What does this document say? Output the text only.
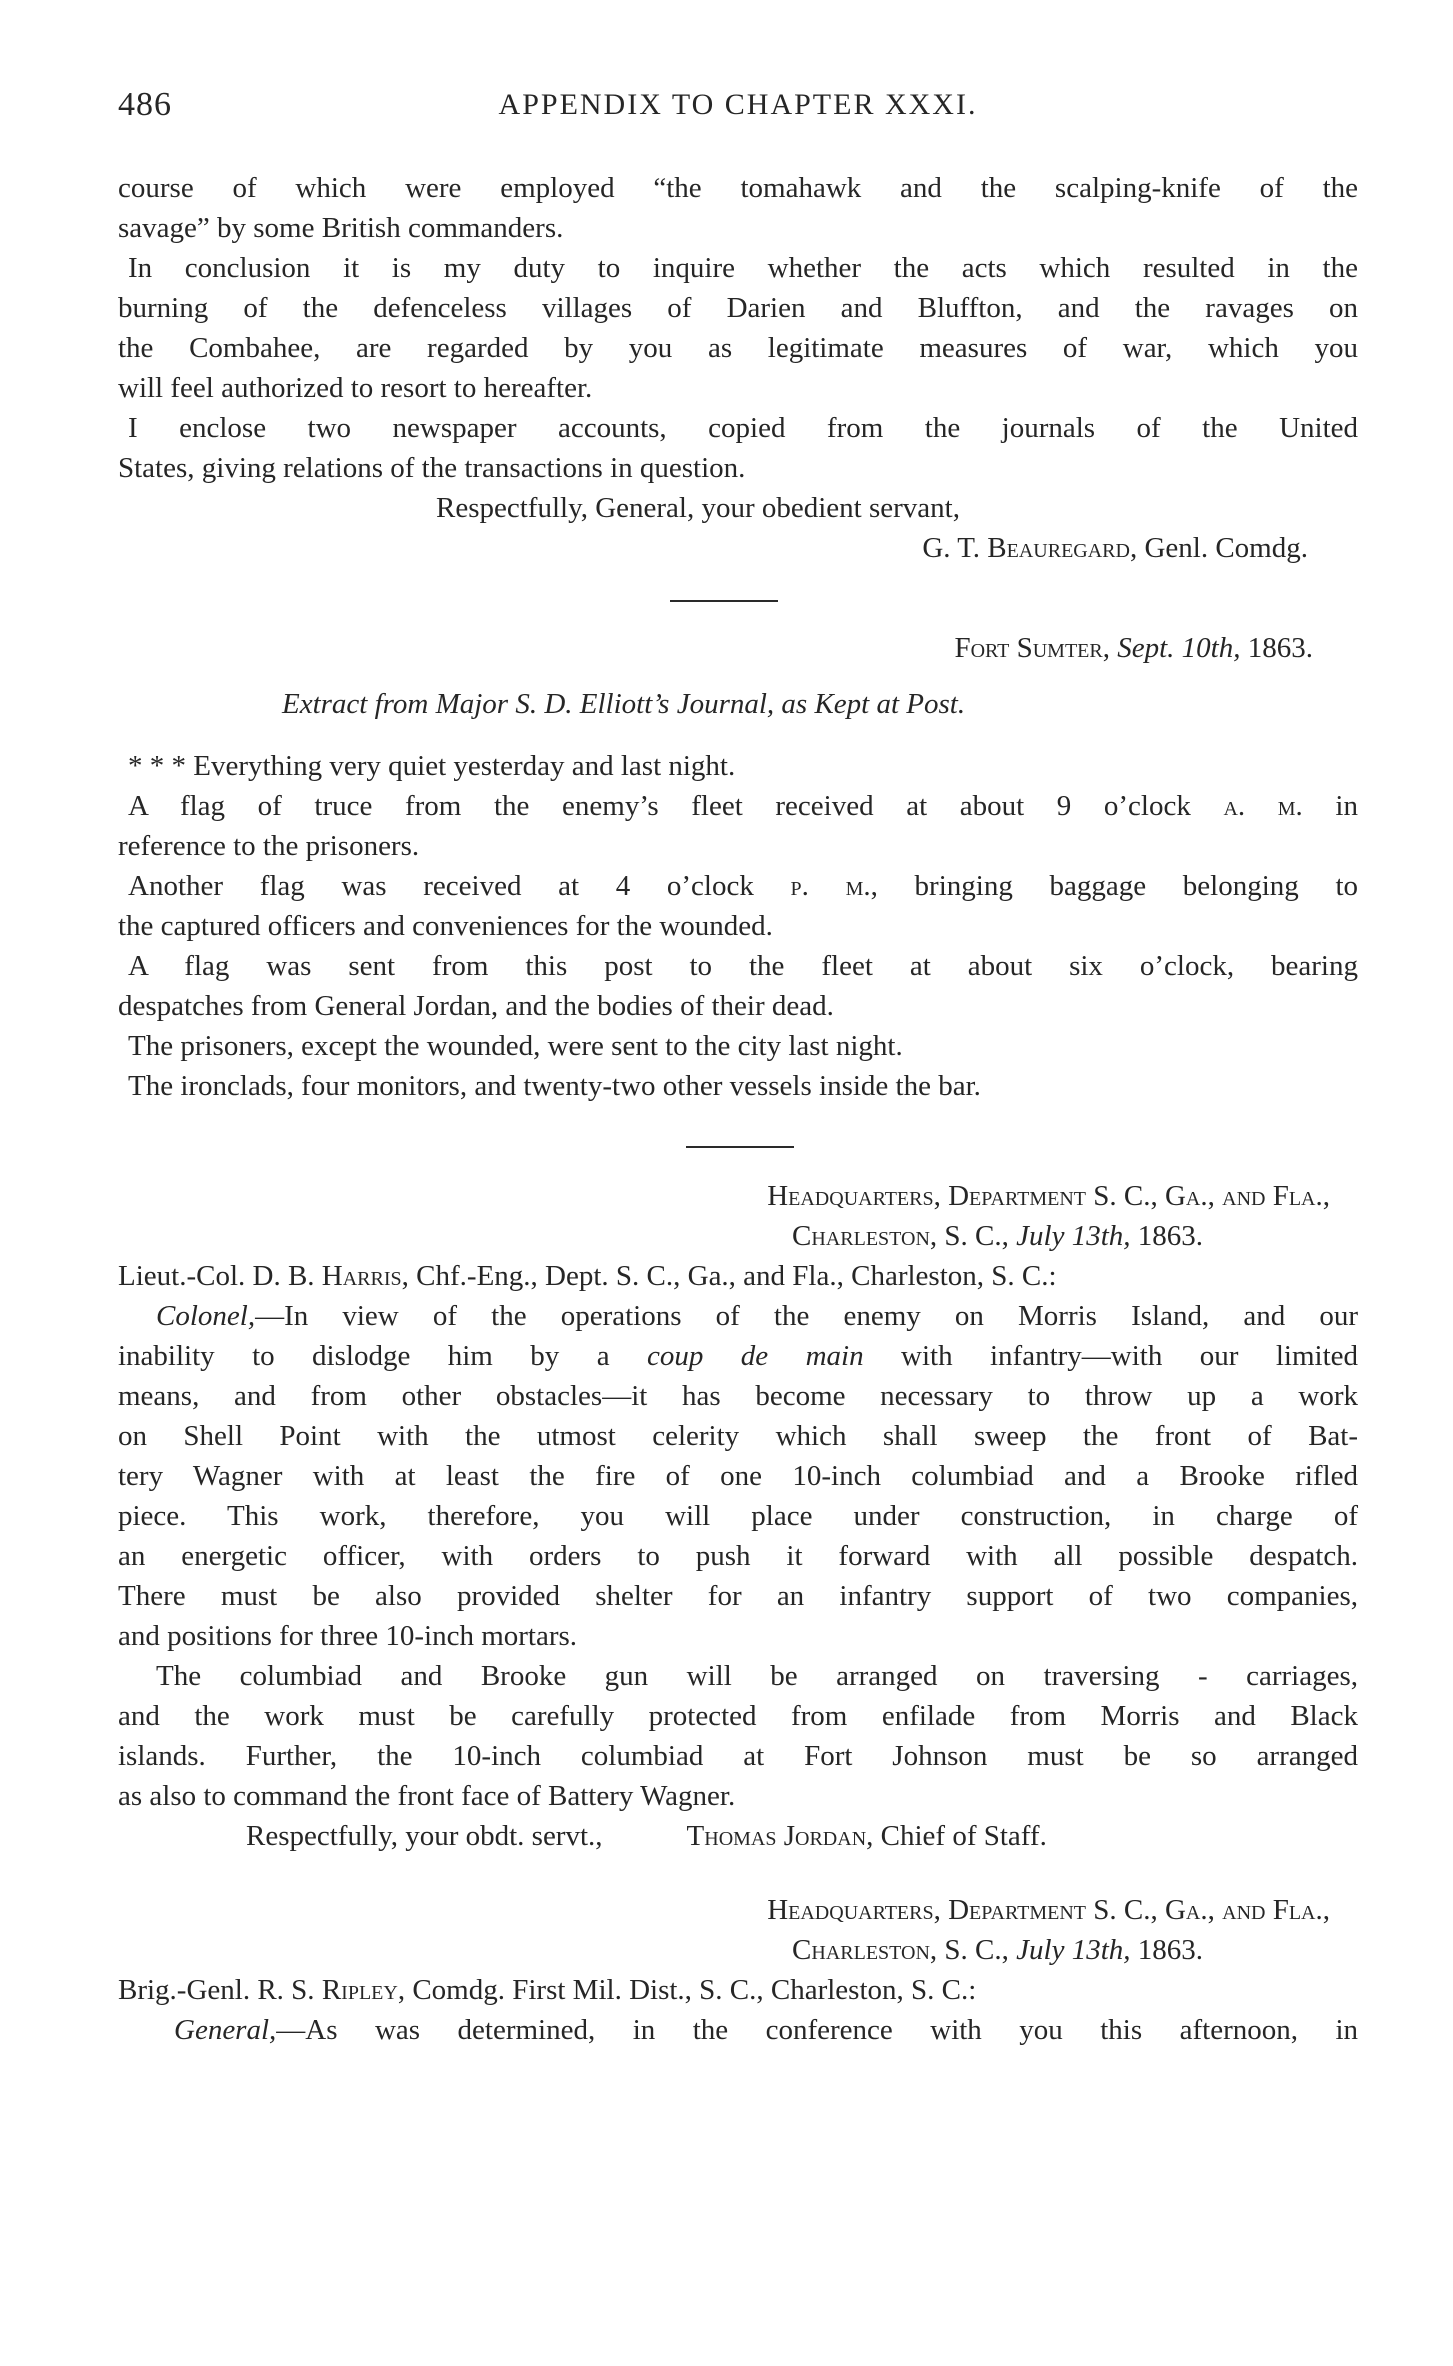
486	APPENDIX TO CHAPTER XXXI.
course of which were employed “the tomahawk and the scalping-knife of the
savage” by some British commanders.
In conclusion it is my duty to inquire whether the acts which resulted in the
burning of the defenceless villages of Darien and Bluffton, and the ravages on
the Combahee, are regarded by you as legitimate measures of war, which you
will feel authorized to resort to hereafter.
I enclose two newspaper accounts, copied from the journals of the United
States, giving relations of the transactions in question.
Respectfully, General, your obedient servant,
G. T. Beauregard, Genl. Comdg.
Fort Sumter, Sept. 10th, 1863.
Extract from Major S. D. Elliott’s Journal, as Kept at Post.
* * * Everything very quiet yesterday and last night.
A flag of truce from the enemy’s fleet received at about 9 o’clock a. m. in
reference to the prisoners.
Another flag was received at 4 o’clock p. m., bringing baggage belonging to
the captured officers and conveniences for the wounded.
A flag was sent from this post to the fleet at about six o’clock, bearing
despatches from General Jordan, and the bodies of their dead.
The prisoners, except the wounded, were sent to the city last night.
The ironclads, four monitors, and twenty-two other vessels inside the bar.
Headquarters, Department S. C., Ga., and Fla.,
Charleston, S. C., July 13th, 1863.
Lieut.-Col. D. B. Harris, Chf.-Eng., Dept. S. C., Ga., and Fla., Charleston, S. C.:
Colonel,—In view of the operations of the enemy on Morris Island, and our
inability to dislodge him by a coup de main with infantry—with our limited
means, and from other obstacles—it has become necessary to throw up a work
on Shell Point with the utmost celerity which shall sweep the front of Bat-
tery Wagner with at least the fire of one 10-inch columbiad and a Brooke rifled
piece. This work, therefore, you will place under construction, in charge of
an energetic officer, with orders to push it forward with all possible despatch.
There must be also provided shelter for an infantry support of two companies,
and positions for three 10-inch mortars.
The columbiad and Brooke gun will be arranged on traversing - carriages,
and the work must be carefully protected from enfilade from Morris and Black
islands. Further, the 10-inch columbiad at Fort Johnson must be so arranged
as also to command the front face of Battery Wagner.
Respectfully, your obdt. servt.,	Thomas Jordan, Chief of Staff.
Headquarters, Department S. C., Ga., and Fla.,
Charleston, S. C., July 13th, 1863.
Brig.-Genl. R. S. Ripley, Comdg. First Mil. Dist., S. C., Charleston, S. C.:
General,—As was determined, in the conference with you this afternoon, in
